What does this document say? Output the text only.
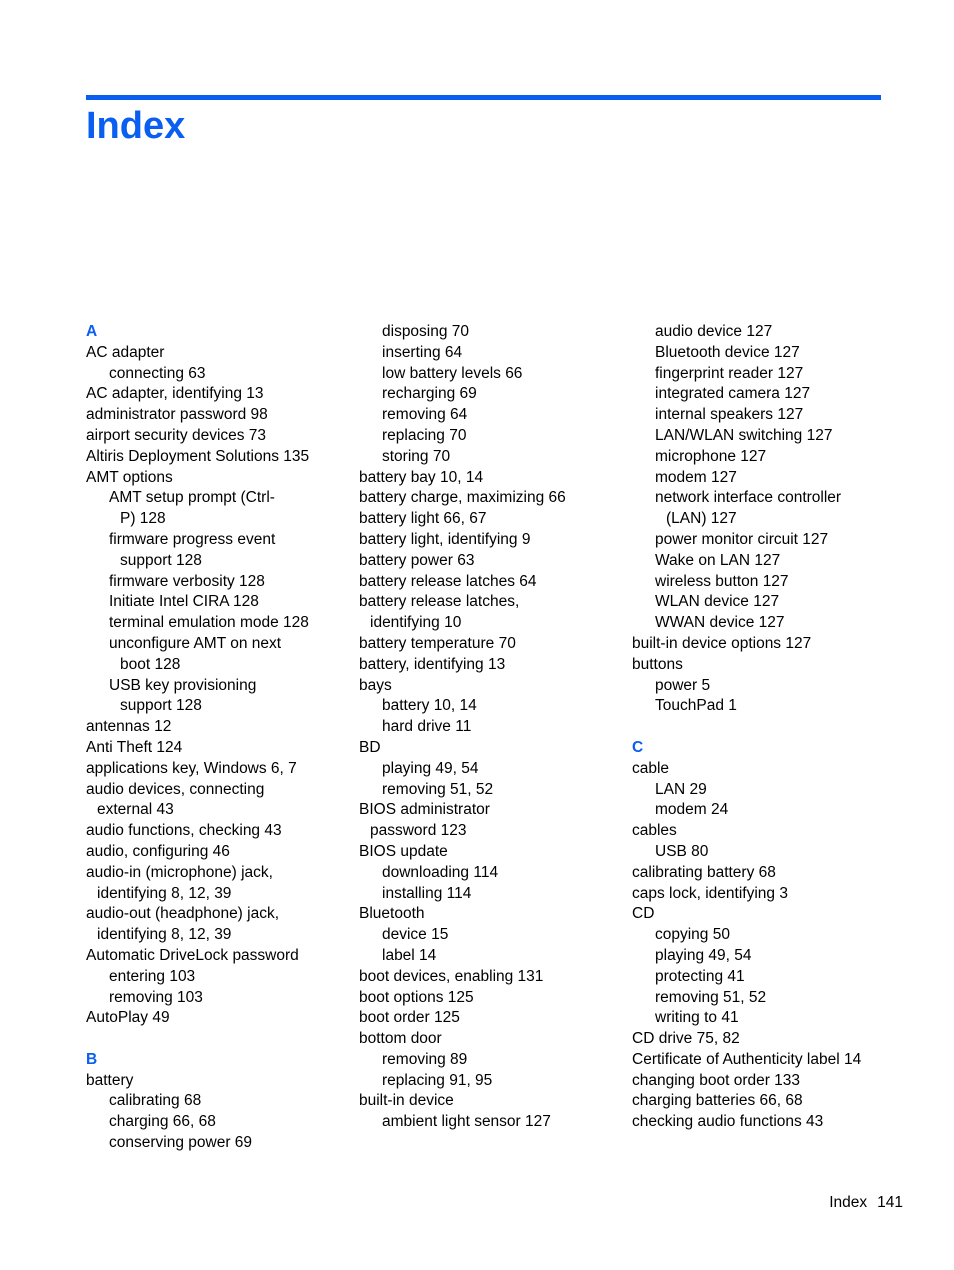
Index
A
AC adapter
connecting 63
AC adapter, identifying 13
administrator password 98
airport security devices 73
Altiris Deployment Solutions 135
AMT options
AMT setup prompt (Ctrl-
P) 128
firmware progress event
support 128
firmware verbosity 128
Initiate Intel CIRA 128
terminal emulation mode 128
unconfigure AMT on next
boot 128
USB key provisioning
support 128
antennas 12
Anti Theft 124
applications key, Windows 6, 7
audio devices, connecting
external 43
audio functions, checking 43
audio, configuring 46
audio-in (microphone) jack,
identifying 8, 12, 39
audio-out (headphone) jack,
identifying 8, 12, 39
Automatic DriveLock password
entering 103
removing 103
AutoPlay 49
B
battery
calibrating 68
charging 66, 68
conserving power 69
disposing 70
inserting 64
low battery levels 66
recharging 69
removing 64
replacing 70
storing 70
battery bay 10, 14
battery charge, maximizing 66
battery light 66, 67
battery light, identifying 9
battery power 63
battery release latches 64
battery release latches,
identifying 10
battery temperature 70
battery, identifying 13
bays
battery 10, 14
hard drive 11
BD
playing 49, 54
removing 51, 52
BIOS administrator
password 123
BIOS update
downloading 114
installing 114
Bluetooth
device 15
label 14
boot devices, enabling 131
boot options 125
boot order 125
bottom door
removing 89
replacing 91, 95
built-in device
ambient light sensor 127
audio device 127
Bluetooth device 127
fingerprint reader 127
integrated camera 127
internal speakers 127
LAN/WLAN switching 127
microphone 127
modem 127
network interface controller
(LAN) 127
power monitor circuit 127
Wake on LAN 127
wireless button 127
WLAN device 127
WWAN device 127
built-in device options 127
buttons
power 5
TouchPad 1
C
cable
LAN 29
modem 24
cables
USB 80
calibrating battery 68
caps lock, identifying 3
CD
copying 50
playing 49, 54
protecting 41
removing 51, 52
writing to 41
CD drive 75, 82
Certificate of Authenticity label 14
changing boot order 133
charging batteries 66, 68
checking audio functions 43
Index 141
